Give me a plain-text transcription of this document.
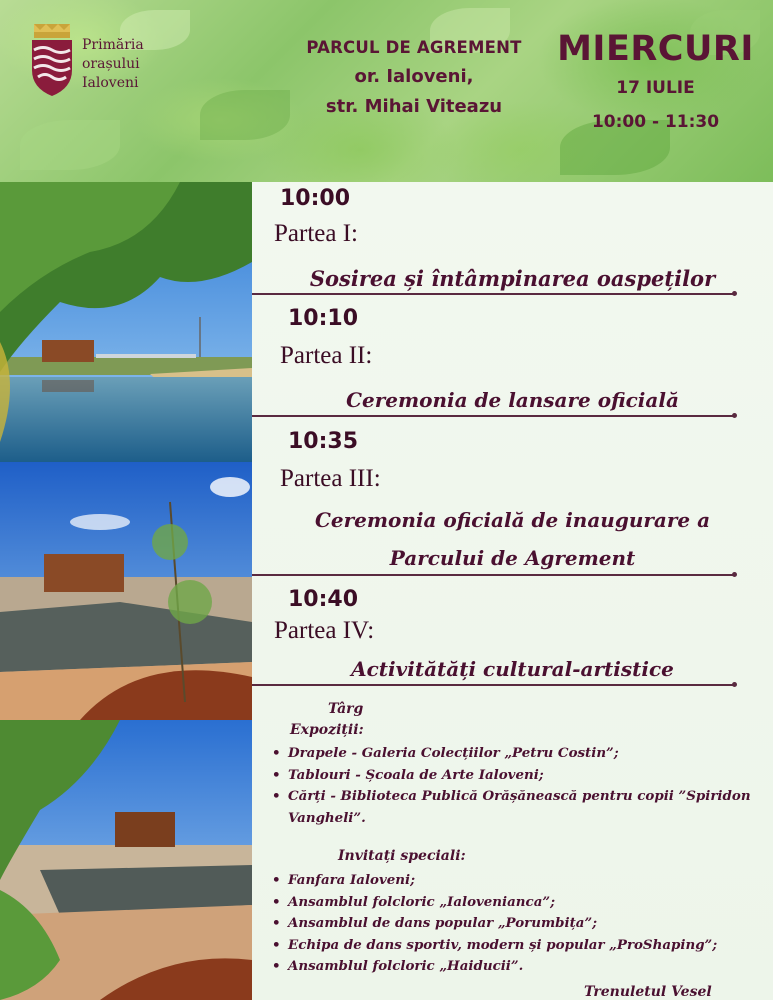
Primăria
orașului
Ialoveni
PARCUL DE AGREMENT
or. Ialoveni,
str. Mihai Viteazu
MIERCURI
17 IULIE
10:00 - 11:30
10:00
Partea I:
Sosirea și întâmpinarea oaspeților
10:10
Partea II:
Ceremonia de lansare oficială
10:35
Partea III:
Ceremonia oficială de inaugurare a
Parcului de Agrement
10:40
Partea IV:
Activitătăți cultural-artistice
Târg
Expoziții:
• Drapele - Galeria Colecțiilor „Petru Costin”;
• Tablouri - Școala de Arte Ialoveni;
• Cărți - Biblioteca Publică Orășănească pentru copii ”Spiridon
Vangheli”.
Invitați speciali:
• Fanfara Ialoveni;
• Ansamblul folcloric „Ialovenianca”;
• Ansamblul de dans popular „Porumbița”;
• Echipa de dans sportiv, modern și popular „ProShaping”;
• Ansamblul folcloric „Haiducii”.
Trenuletul Vesel
